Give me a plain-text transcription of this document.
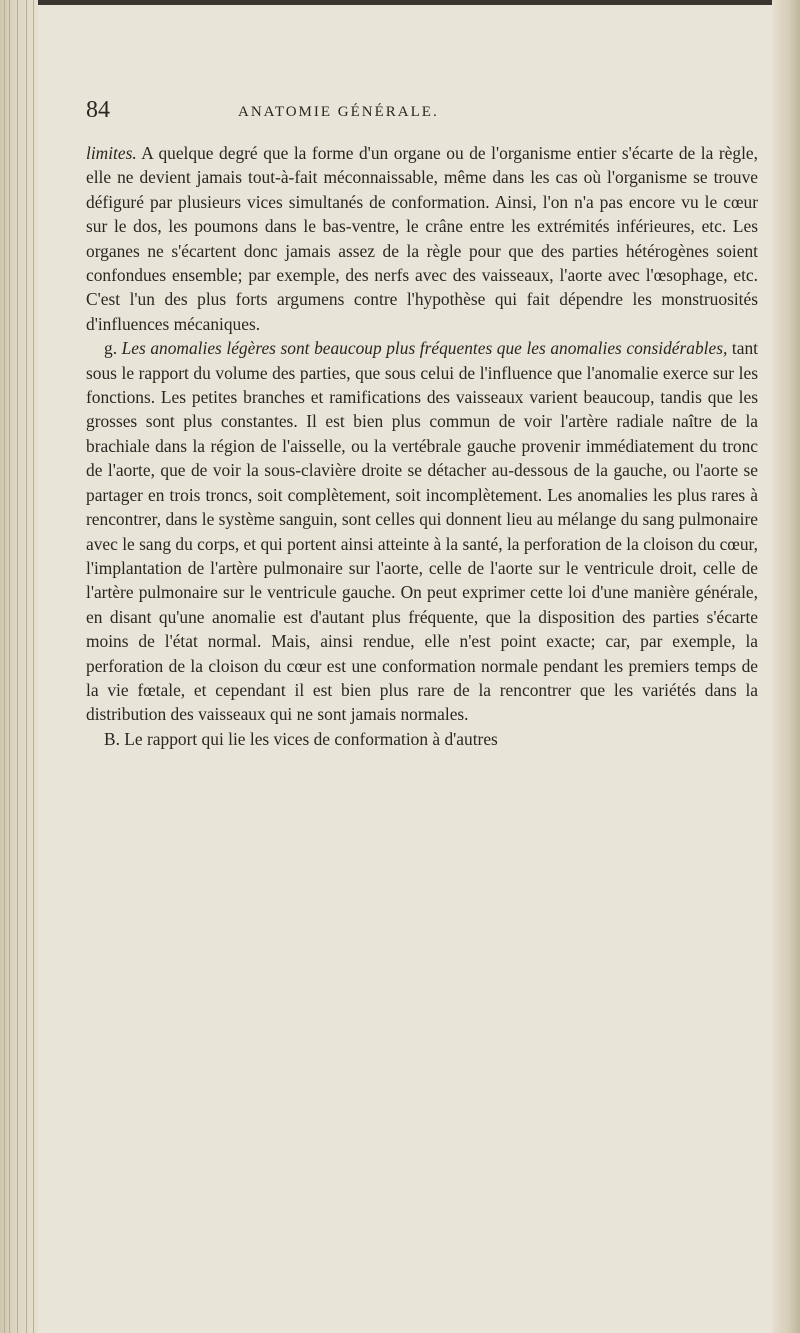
84	ANATOMIE GÉNÉRALE.

limites. A quelque degré que la forme d'un organe ou de l'organisme entier s'écarte de la règle, elle ne devient jamais tout-à-fait méconnaissable, même dans les cas où l'organisme se trouve défiguré par plusieurs vices simultanés de conformation. Ainsi, l'on n'a pas encore vu le cœur sur le dos, les poumons dans le bas-ventre, le crâne entre les extrémités inférieures, etc. Les organes ne s'écartent donc jamais assez de la règle pour que des parties hétérogènes soient confondues ensemble; par exemple, des nerfs avec des vaisseaux, l'aorte avec l'œsophage, etc. C'est l'un des plus forts argumens contre l'hypothèse qui fait dépendre les monstruosités d'influences mécaniques.

g. Les anomalies légères sont beaucoup plus fréquentes que les anomalies considérables, tant sous le rapport du volume des parties, que sous celui de l'influence que l'anomalie exerce sur les fonctions. Les petites branches et ramifications des vaisseaux varient beaucoup, tandis que les grosses sont plus constantes. Il est bien plus commun de voir l'artère radiale naître de la brachiale dans la région de l'aisselle, ou la vertébrale gauche provenir immédiatement du tronc de l'aorte, que de voir la sous-clavière droite se détacher au-dessous de la gauche, ou l'aorte se partager en trois troncs, soit complètement, soit incomplètement. Les anomalies les plus rares à rencontrer, dans le système sanguin, sont celles qui donnent lieu au mélange du sang pulmonaire avec le sang du corps, et qui portent ainsi atteinte à la santé, la perforation de la cloison du cœur, l'implantation de l'artère pulmonaire sur l'aorte, celle de l'aorte sur le ventricule droit, celle de l'artère pulmonaire sur le ventricule gauche. On peut exprimer cette loi d'une manière générale, en disant qu'une anomalie est d'autant plus fréquente, que la disposition des parties s'écarte moins de l'état normal. Mais, ainsi rendue, elle n'est point exacte; car, par exemple, la perforation de la cloison du cœur est une conformation normale pendant les premiers temps de la vie fœtale, et cependant il est bien plus rare de la rencontrer que les variétés dans la distribution des vaisseaux qui ne sont jamais normales.

B. Le rapport qui lie les vices de conformation à d'autres
